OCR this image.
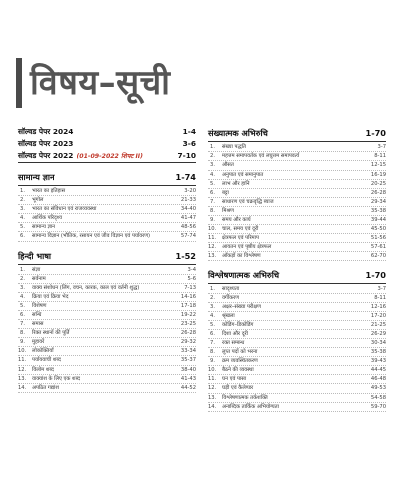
विषय–सूची
सॉल्वड पेपर 2024	1-4
सॉल्वड पेपर 2023	3-6
सॉल्वड पेपर 2022 (01-09-2022 शिफ्ट II)	7-10
सामान्य ज्ञान	1-74
1.	भारत का इतिहास	3-20
2.	भूगोल	21-33
3.	भारत का संविधान एवं राजव्यवस्था	34-40
4.	आर्थिक परिदृश्य	41-47
5.	सामान्य ज्ञान	48-56
6.	सामान्य विज्ञान (भौतिक, रसायन एवं जीव विज्ञान एवं पर्यावरण)	57-74
हिन्दी भाषा	1-52
1.	संज्ञा	3-4
2.	सर्वनाम	5-6
3.	वाक्य संशोधन (लिंग, वचन, कारक, काल एवं वर्तनी शुद्ध)	7-13
4.	क्रिया एवं क्रिया भेद	14-16
5.	विशेषण	17-18
6.	सन्धि	19-22
7.	समास	23-25
8.	रिक्त स्थानों की पूर्ति	26-28
9.	मुहावरें	29-32
10.	लोकोक्तियाँ	33-34
11.	पर्यायवाची शब्द	35-37
12.	विलोम शब्द	38-40
13.	वाक्यांश के लिए एक शब्द	41-43
14.	अपठित गद्यांश	44-52
संख्यात्मक अभिरुचि	1-70
1.	संख्या पद्धति	3-7
2.	महत्तम समापवर्तक एवं लघुत्तम समापवर्त्य	8-11
3.	औसत	12-15
4.	अनुपात एवं समानुपात	16-19
5.	लाभ और हानि	20-25
6.	बट्टा	26-28
7.	साधारण एवं चक्रवृद्धि ब्याज	29-34
8.	मिश्रण	35-38
9.	समय और कार्य	39-44
10.	चाल, समय एवं दूरी	45-50
11.	क्षेत्रफल एवं परिमाप	51-56
12.	आयतन एवं पृष्ठीय क्षेत्रफल	57-61
13.	आँकड़ों का विश्लेषण	62-70
विश्लेषणात्मक अभिरुचि	1-70
1.	सादृश्यता	3-7
2.	वर्गीकरण	8-11
3.	अक्षर–संख्या परीक्षण	12-16
4.	श्रृंखला	17-20
5.	कोडिंग–डिकोडिंग	21-25
6.	दिशा और दूरी	26-29
7.	रक्त सम्बन्ध	30-34
8.	लुप्त पदों को भरना	35-38
9.	क्रम व्यवस्थितकरण	39-43
10.	बैठने की व्यवस्था	44-45
11.	घन एवं पासा	46-48
12.	घड़ी एवं कैलेण्डर	49-53
13.	विश्लेषणात्मक तर्कशक्ति	54-58
14.	अनाब्दिक तार्किक अभियोग्यता	59-70
